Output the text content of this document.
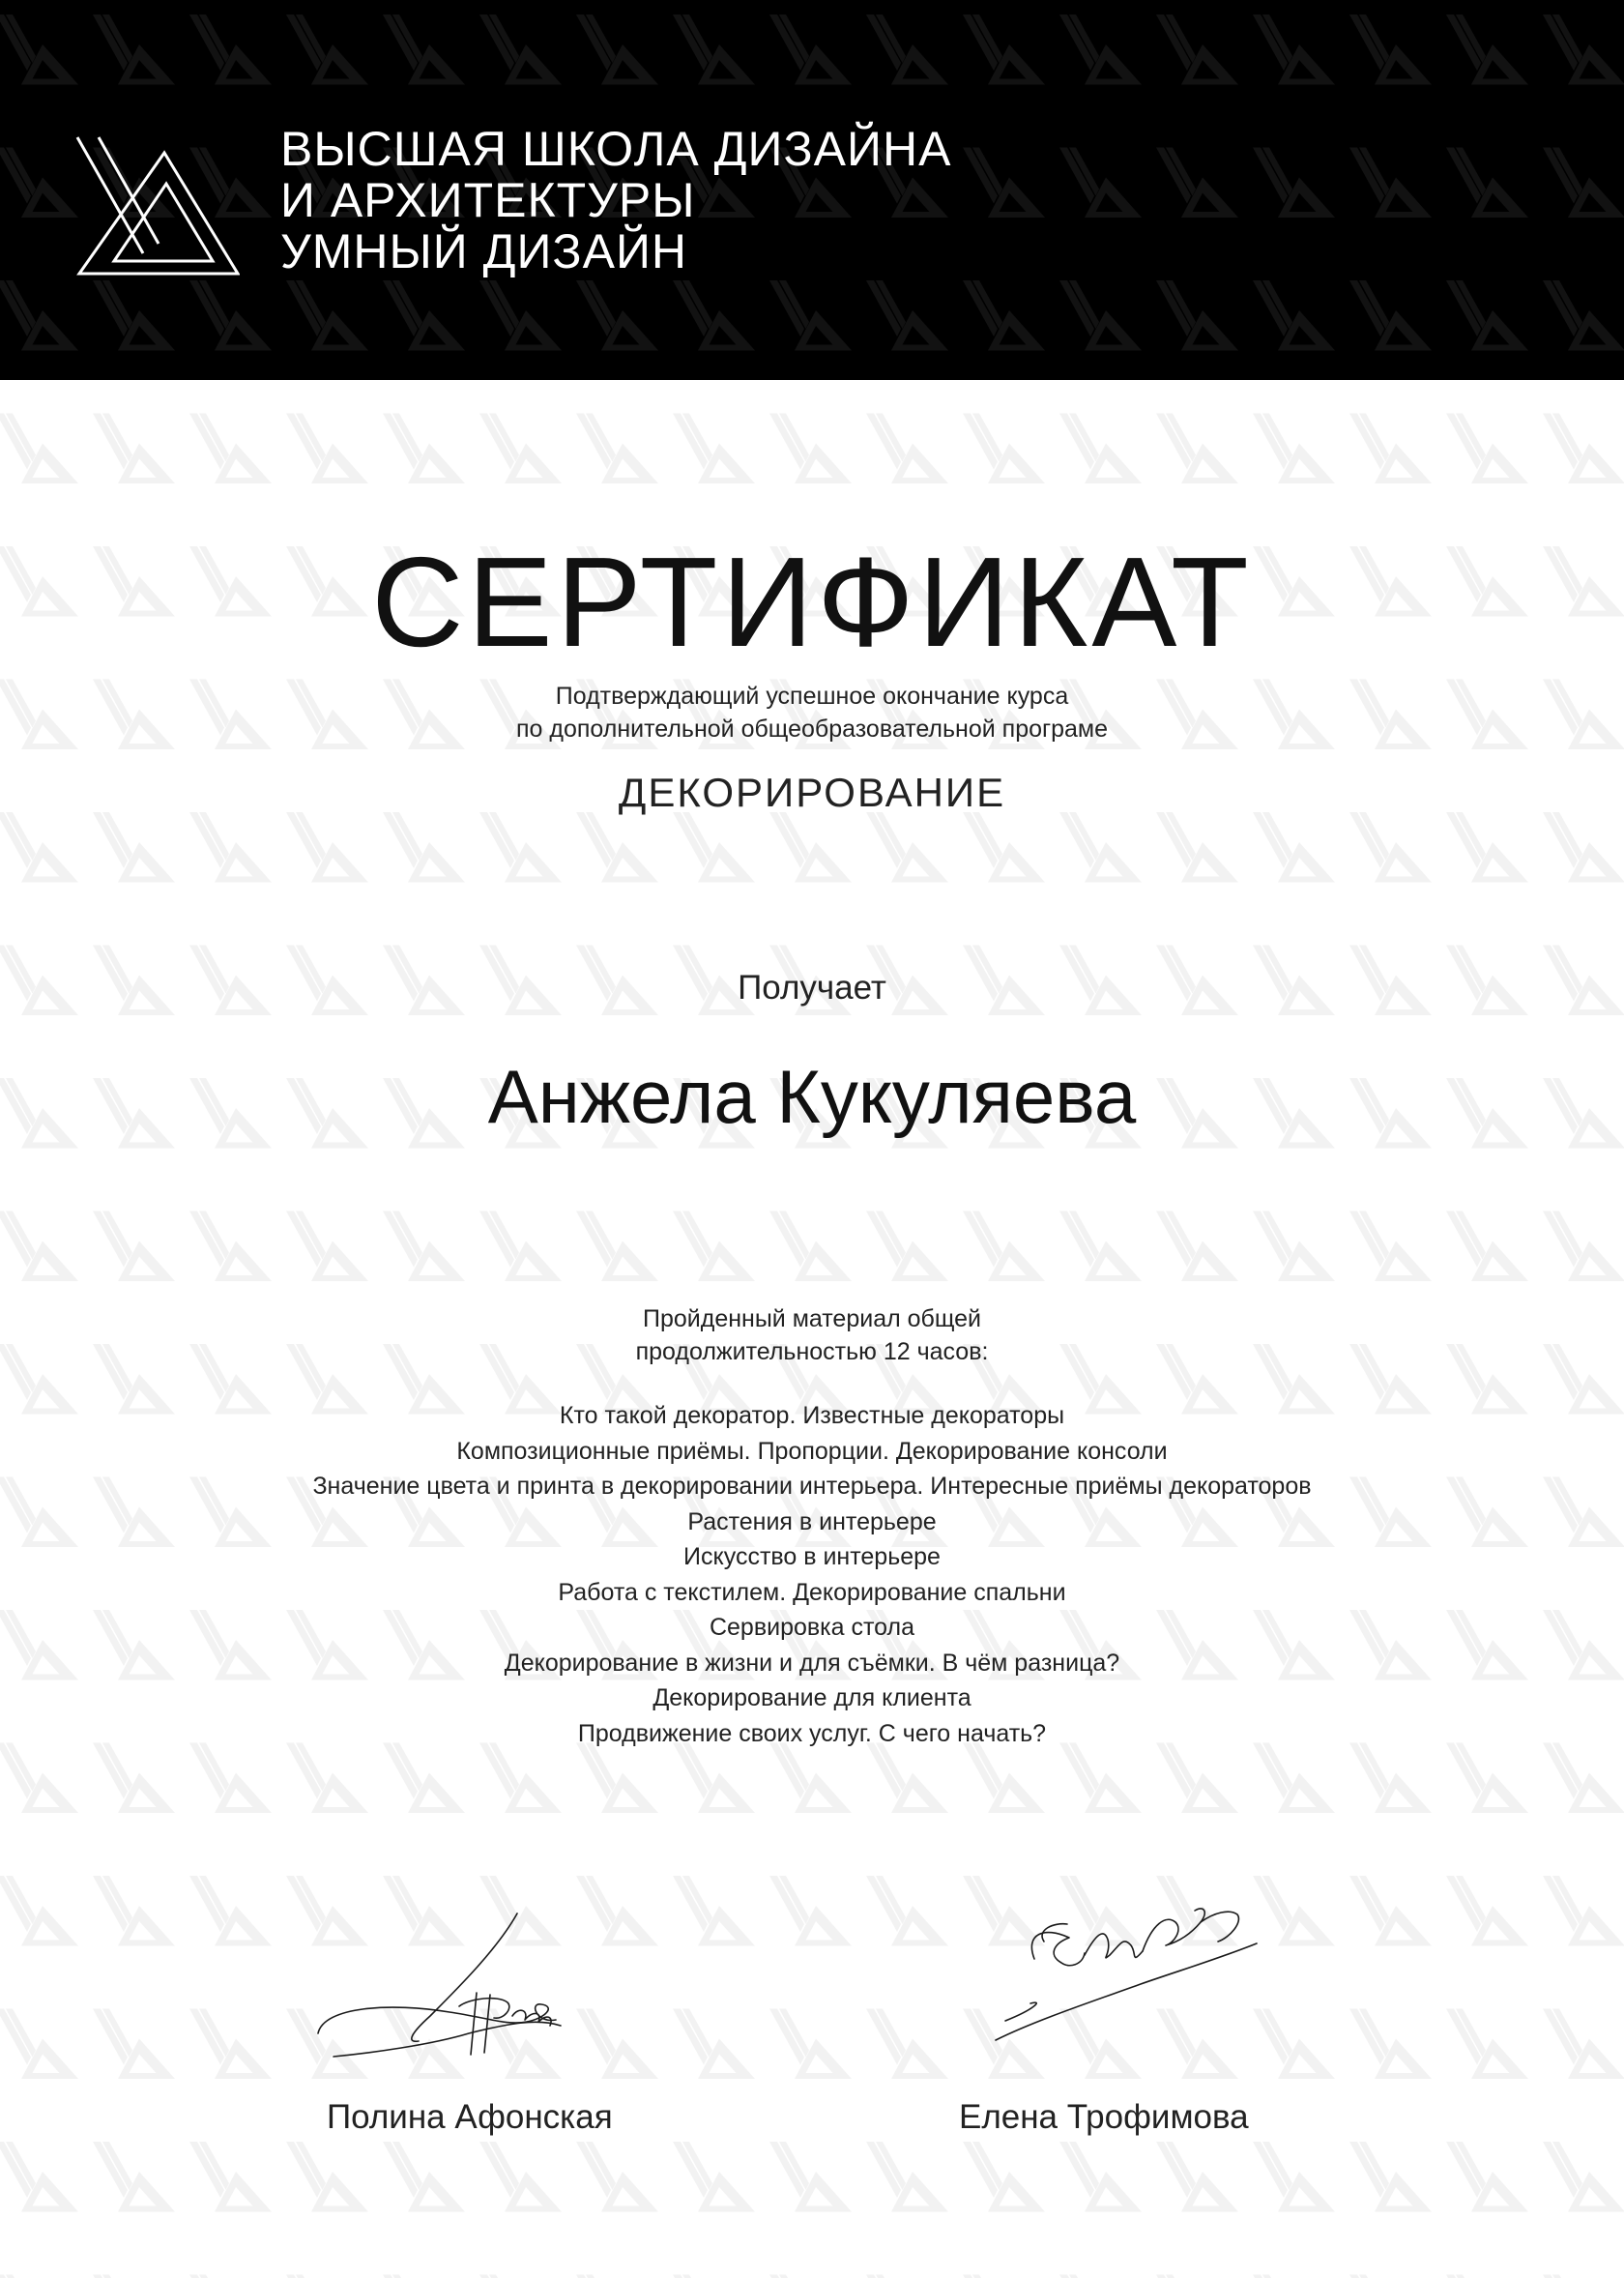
ВЫСШАЯ ШКОЛА ДИЗАЙНА
И АРХИТЕКТУРЫ
УМНЫЙ ДИЗАЙН
СЕРТИФИКАТ
Подтверждающий успешное окончание курса
по дополнительной общеобразовательной програме
ДЕКОРИРОВАНИЕ
Получает
Анжела Кукуляева
Пройденный материал общей
продолжительностью 12 часов:
Кто такой декоратор. Известные декораторы
Композиционные приёмы. Пропорции. Декорирование консоли
Значение цвета и принта в декорировании интерьера. Интересные приёмы декораторов
Растения в интерьере
Искусство в интерьере
Работа с текстилем. Декорирование спальни
Сервировка стола
Декорирование в жизни и для съёмки. В чём разница?
Декорирование для клиента
Продвижение своих услуг. С чего начать?
Полина Афонская	Елена Трофимова
